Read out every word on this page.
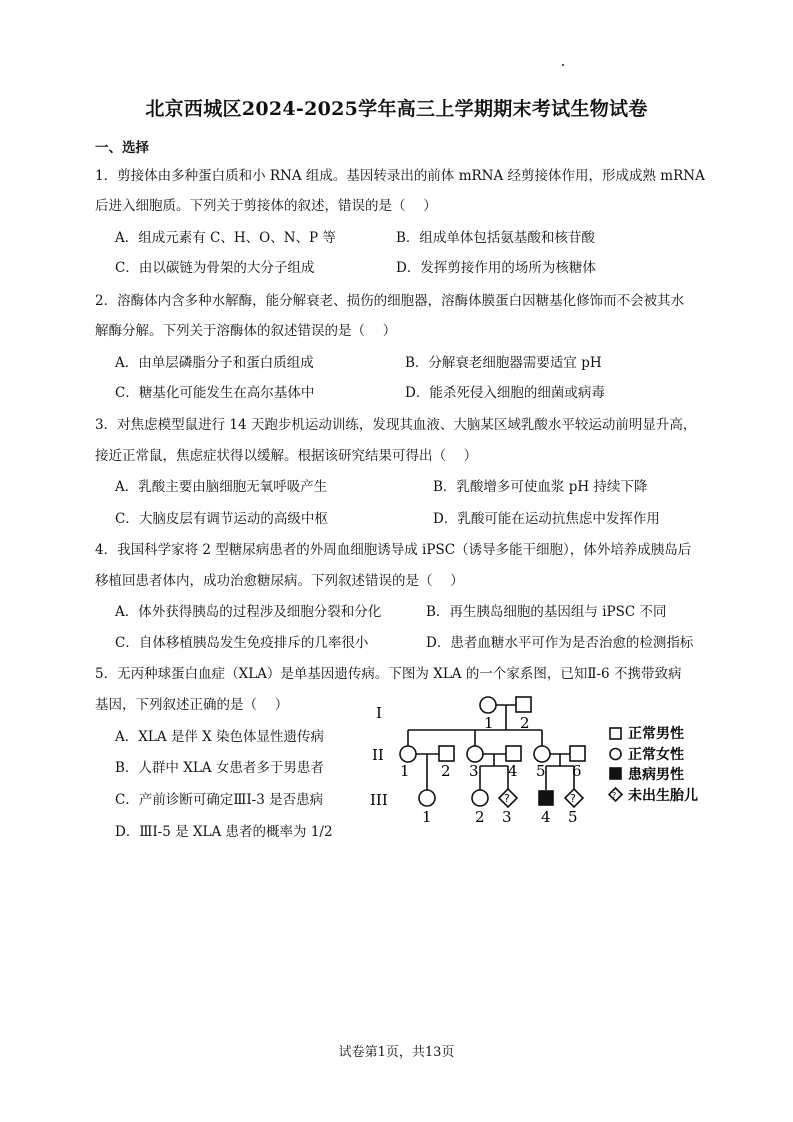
北京西城区2024-2025学年高三上学期期末考试生物试卷
一、选择
1．剪接体由多种蛋白质和小 RNA 组成。基因转录出的前体 mRNA 经剪接体作用，形成成熟 mRNA
后进入细胞质。下列关于剪接体的叙述，错误的是（　 ）
A．组成元素有 C、H、O、N、P 等	B．组成单体包括氨基酸和核苷酸
C．由以碳链为骨架的大分子组成	D．发挥剪接作用的场所为核糖体
2．溶酶体内含多种水解酶，能分解衰老、损伤的细胞器，溶酶体膜蛋白因糖基化修饰而不会被其水
解酶分解。下列关于溶酶体的叙述错误的是（　 ）
A．由单层磷脂分子和蛋白质组成	B．分解衰老细胞器需要适宜 pH
C．糖基化可能发生在高尔基体中	D．能杀死侵入细胞的细菌或病毒
3．对焦虑模型鼠进行 14 天跑步机运动训练，发现其血液、大脑某区域乳酸水平较运动前明显升高，
接近正常鼠，焦虑症状得以缓解。根据该研究结果可得出（　 ）
A．乳酸主要由脑细胞无氧呼吸产生	B．乳酸增多可使血浆 pH 持续下降
C．大脑皮层有调节运动的高级中枢	D．乳酸可能在运动抗焦虑中发挥作用
4．我国科学家将 2 型糖尿病患者的外周血细胞诱导成 iPSC（诱导多能干细胞），体外培养成胰岛后
移植回患者体内，成功治愈糖尿病。下列叙述错误的是（　 ）
A．体外获得胰岛的过程涉及细胞分裂和分化	B．再生胰岛细胞的基因组与 iPSC 不同
C．自体移植胰岛发生免疫排斥的几率很小	D．患者血糖水平可作为是否治愈的检测指标
5．无丙种球蛋白血症（XLA）是单基因遗传病。下图为 XLA 的一个家系图，已知Ⅱ-6 不携带致病
基因，下列叙述正确的是（　 ）
A．XLA 是伴 X 染色体显性遗传病
B．人群中 XLA 女患者多于男患者
C．产前诊断可确定ⅢI-3 是否患病
D．ⅢI-5 是 XLA 患者的概率为 1/2
I
II
III
1 2
1 2 3 4 5 6
?	?	?
1	2 3 4 5
正常男性
正常女性
患病男性
未出生胎儿
试卷第1页，共13页
